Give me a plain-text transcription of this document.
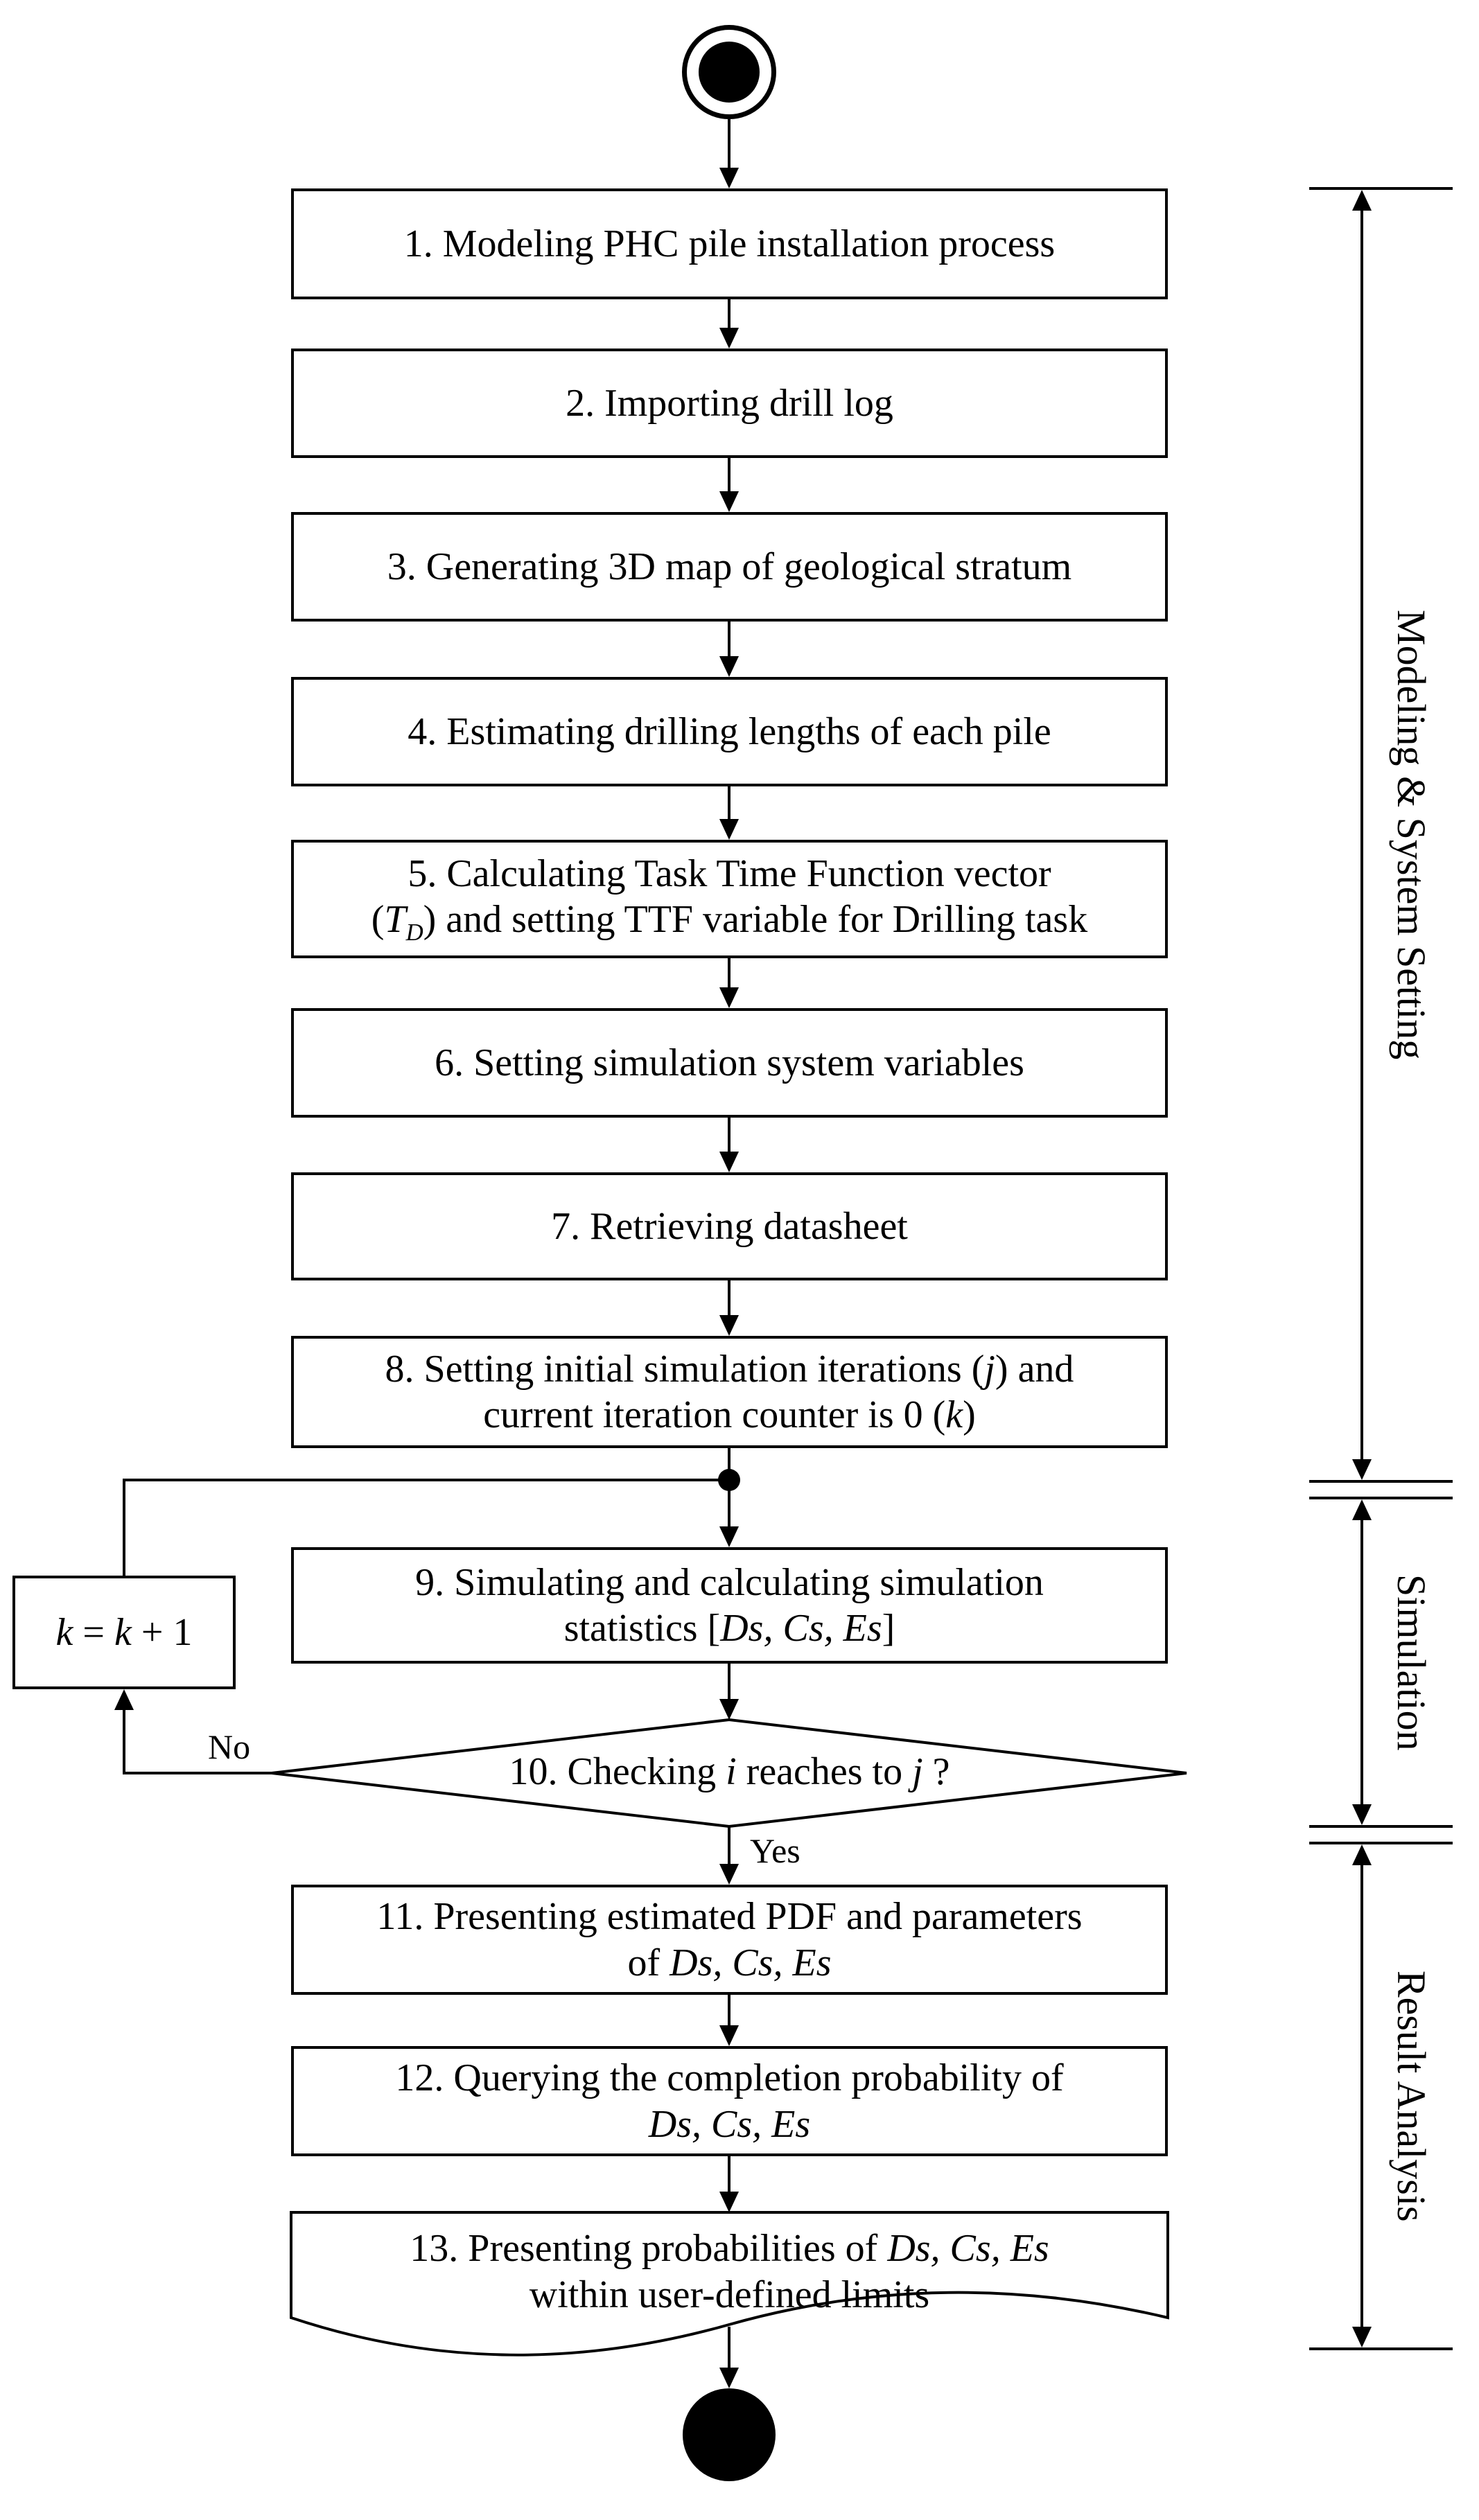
1. Modeling PHC pile installation process
2. Importing drill log
3. Generating 3D map of geological stratum
4. Estimating drilling lengths of each pile
5. Calculating Task Time Function vector
$(T_D)$ and setting TTF variable for Drilling task
6. Setting simulation system variables
7. Retrieving datasheet
8. Setting initial simulation iterations (j) and
current iteration counter is 0 (k)
9. Simulating and calculating simulation
statistics [Ds, Cs, Es]
10. Checking i reaches to j ?
11. Presenting estimated PDF and parameters
of Ds, Cs, Es
12. Querying the completion probability of
Ds, Cs, Es
13. Presenting probabilities of Ds, Cs, Es
within user-defined limits
k = k + 1
No
Yes
Modeling & System Setting
Simulation
Result Analysis
